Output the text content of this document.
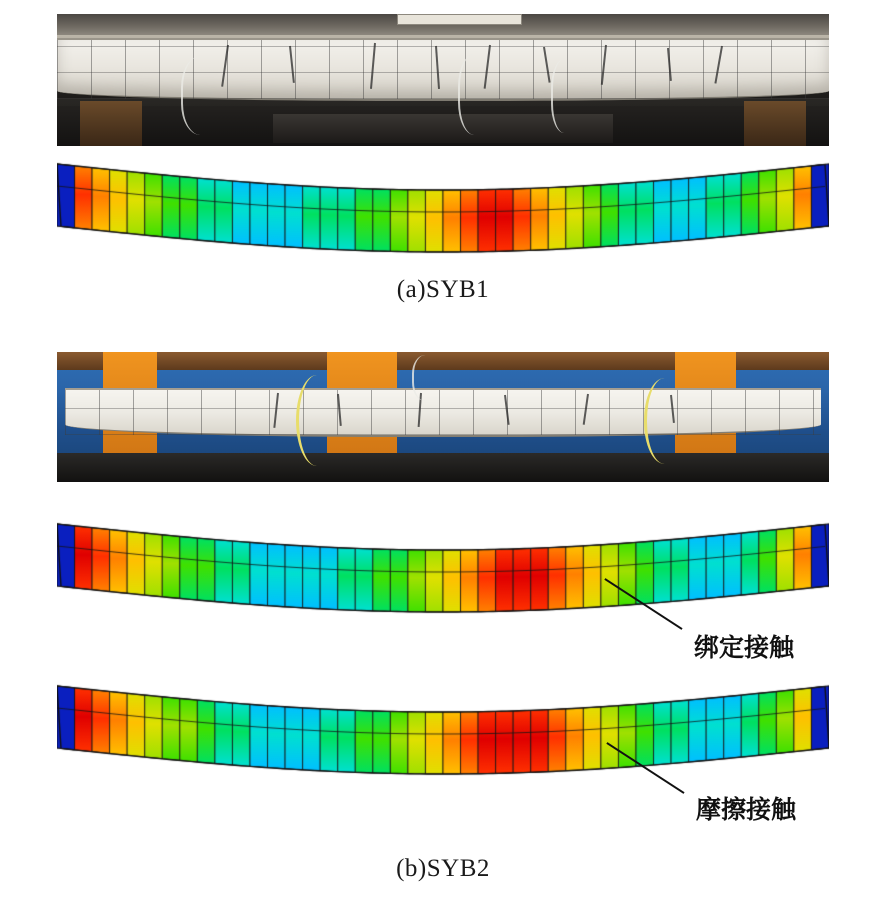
(a)SYB1
绑定接触
摩擦接触
(b)SYB2
